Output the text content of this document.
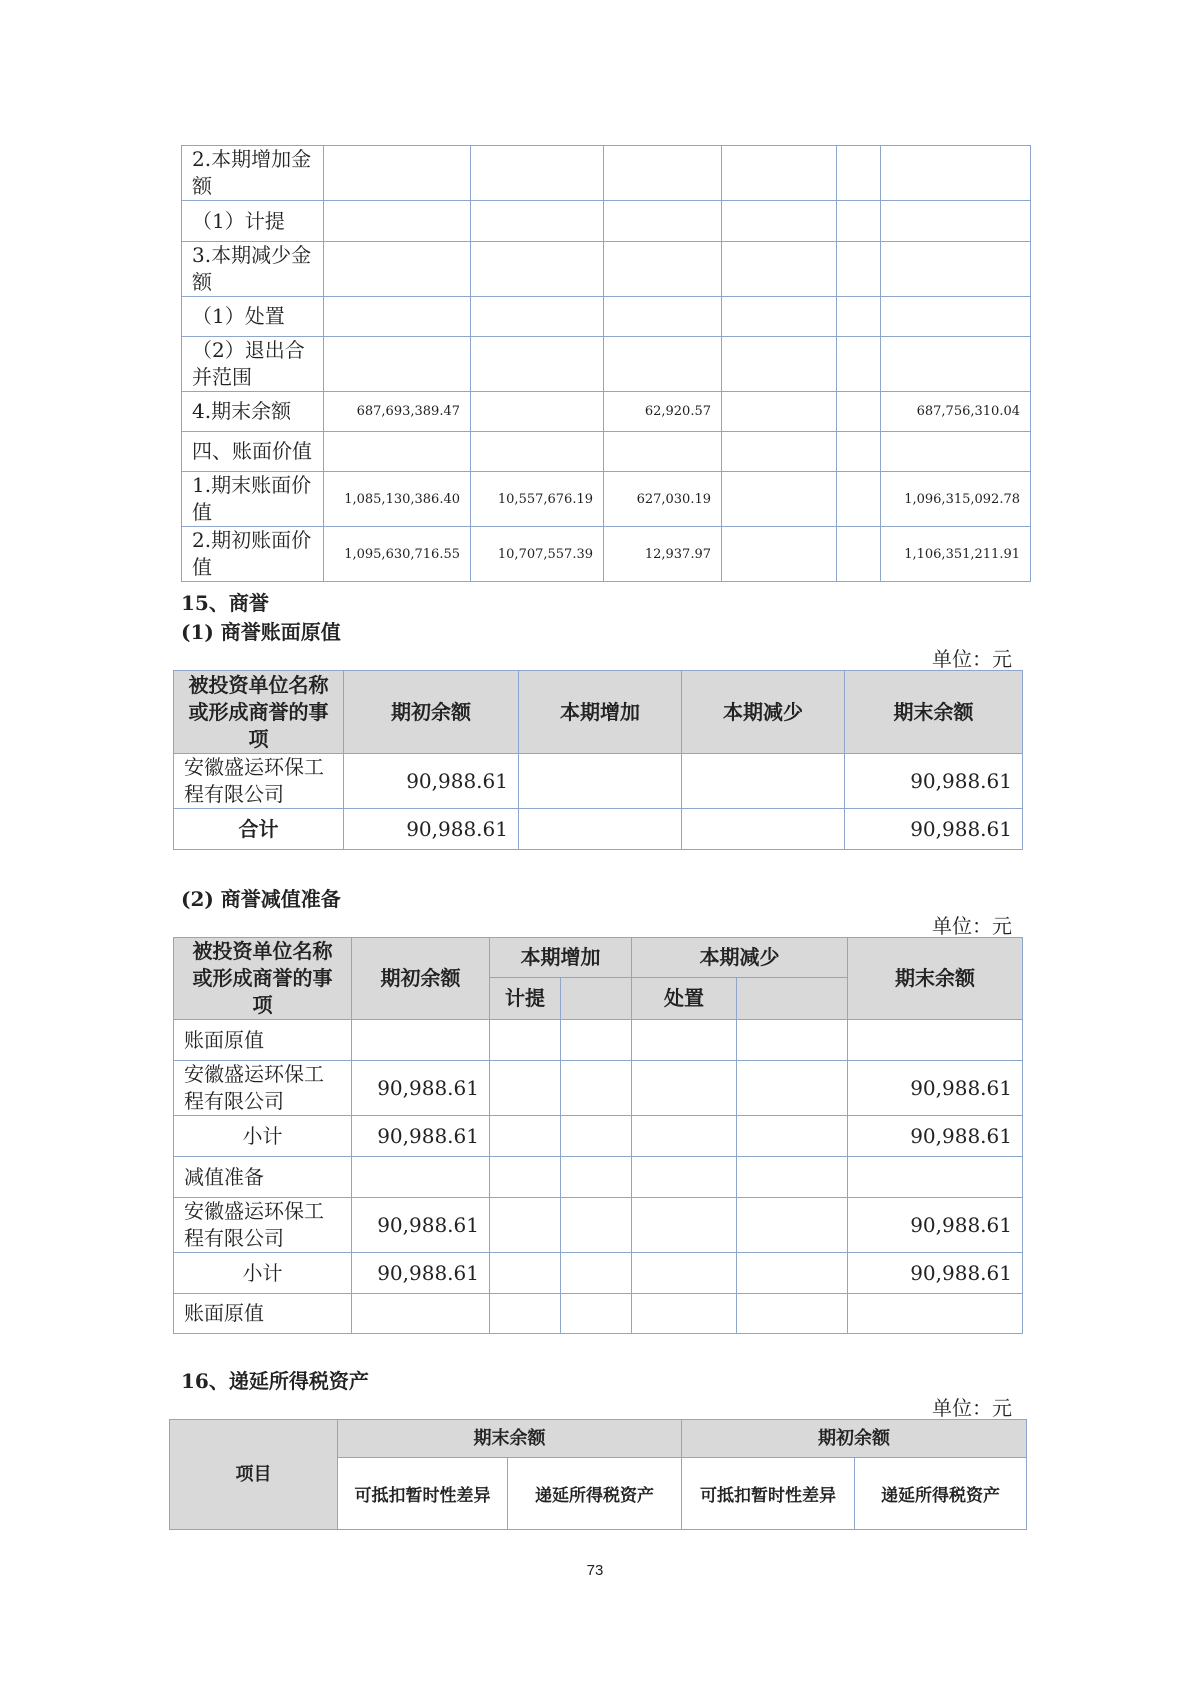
2.本期增加金额						
（1）计提						
3.本期减少金额						
（1）处置						
（2）退出合并范围						
4.期末余额	687,693,389.47		62,920.57			687,756,310.04
四、账面价值						
1.期末账面价值	1,085,130,386.40	10,557,676.19	627,030.19			1,096,315,092.78
2.期初账面价值	1,095,630,716.55	10,707,557.39	12,937.97			1,106,351,211.91
15、商誉
(1) 商誉账面原值
单位：元
被投资单位名称或形成商誉的事项	期初余额	本期增加	本期减少	期末余额
安徽盛运环保工程有限公司	90,988.61			90,988.61
合计	90,988.61			90,988.61
(2) 商誉减值准备
单位：元
被投资单位名称或形成商誉的事项	期初余额	本期增加		本期减少		期末余额
		计提		处置		
账面原值						
安徽盛运环保工程有限公司	90,988.61					90,988.61
小计	90,988.61					90,988.61
减值准备						
安徽盛运环保工程有限公司	90,988.61					90,988.61
小计	90,988.61					90,988.61
账面原值						
16、递延所得税资产
单位：元
项目	期末余额		期初余额	
	可抵扣暂时性差异	递延所得税资产	可抵扣暂时性差异	递延所得税资产
73
